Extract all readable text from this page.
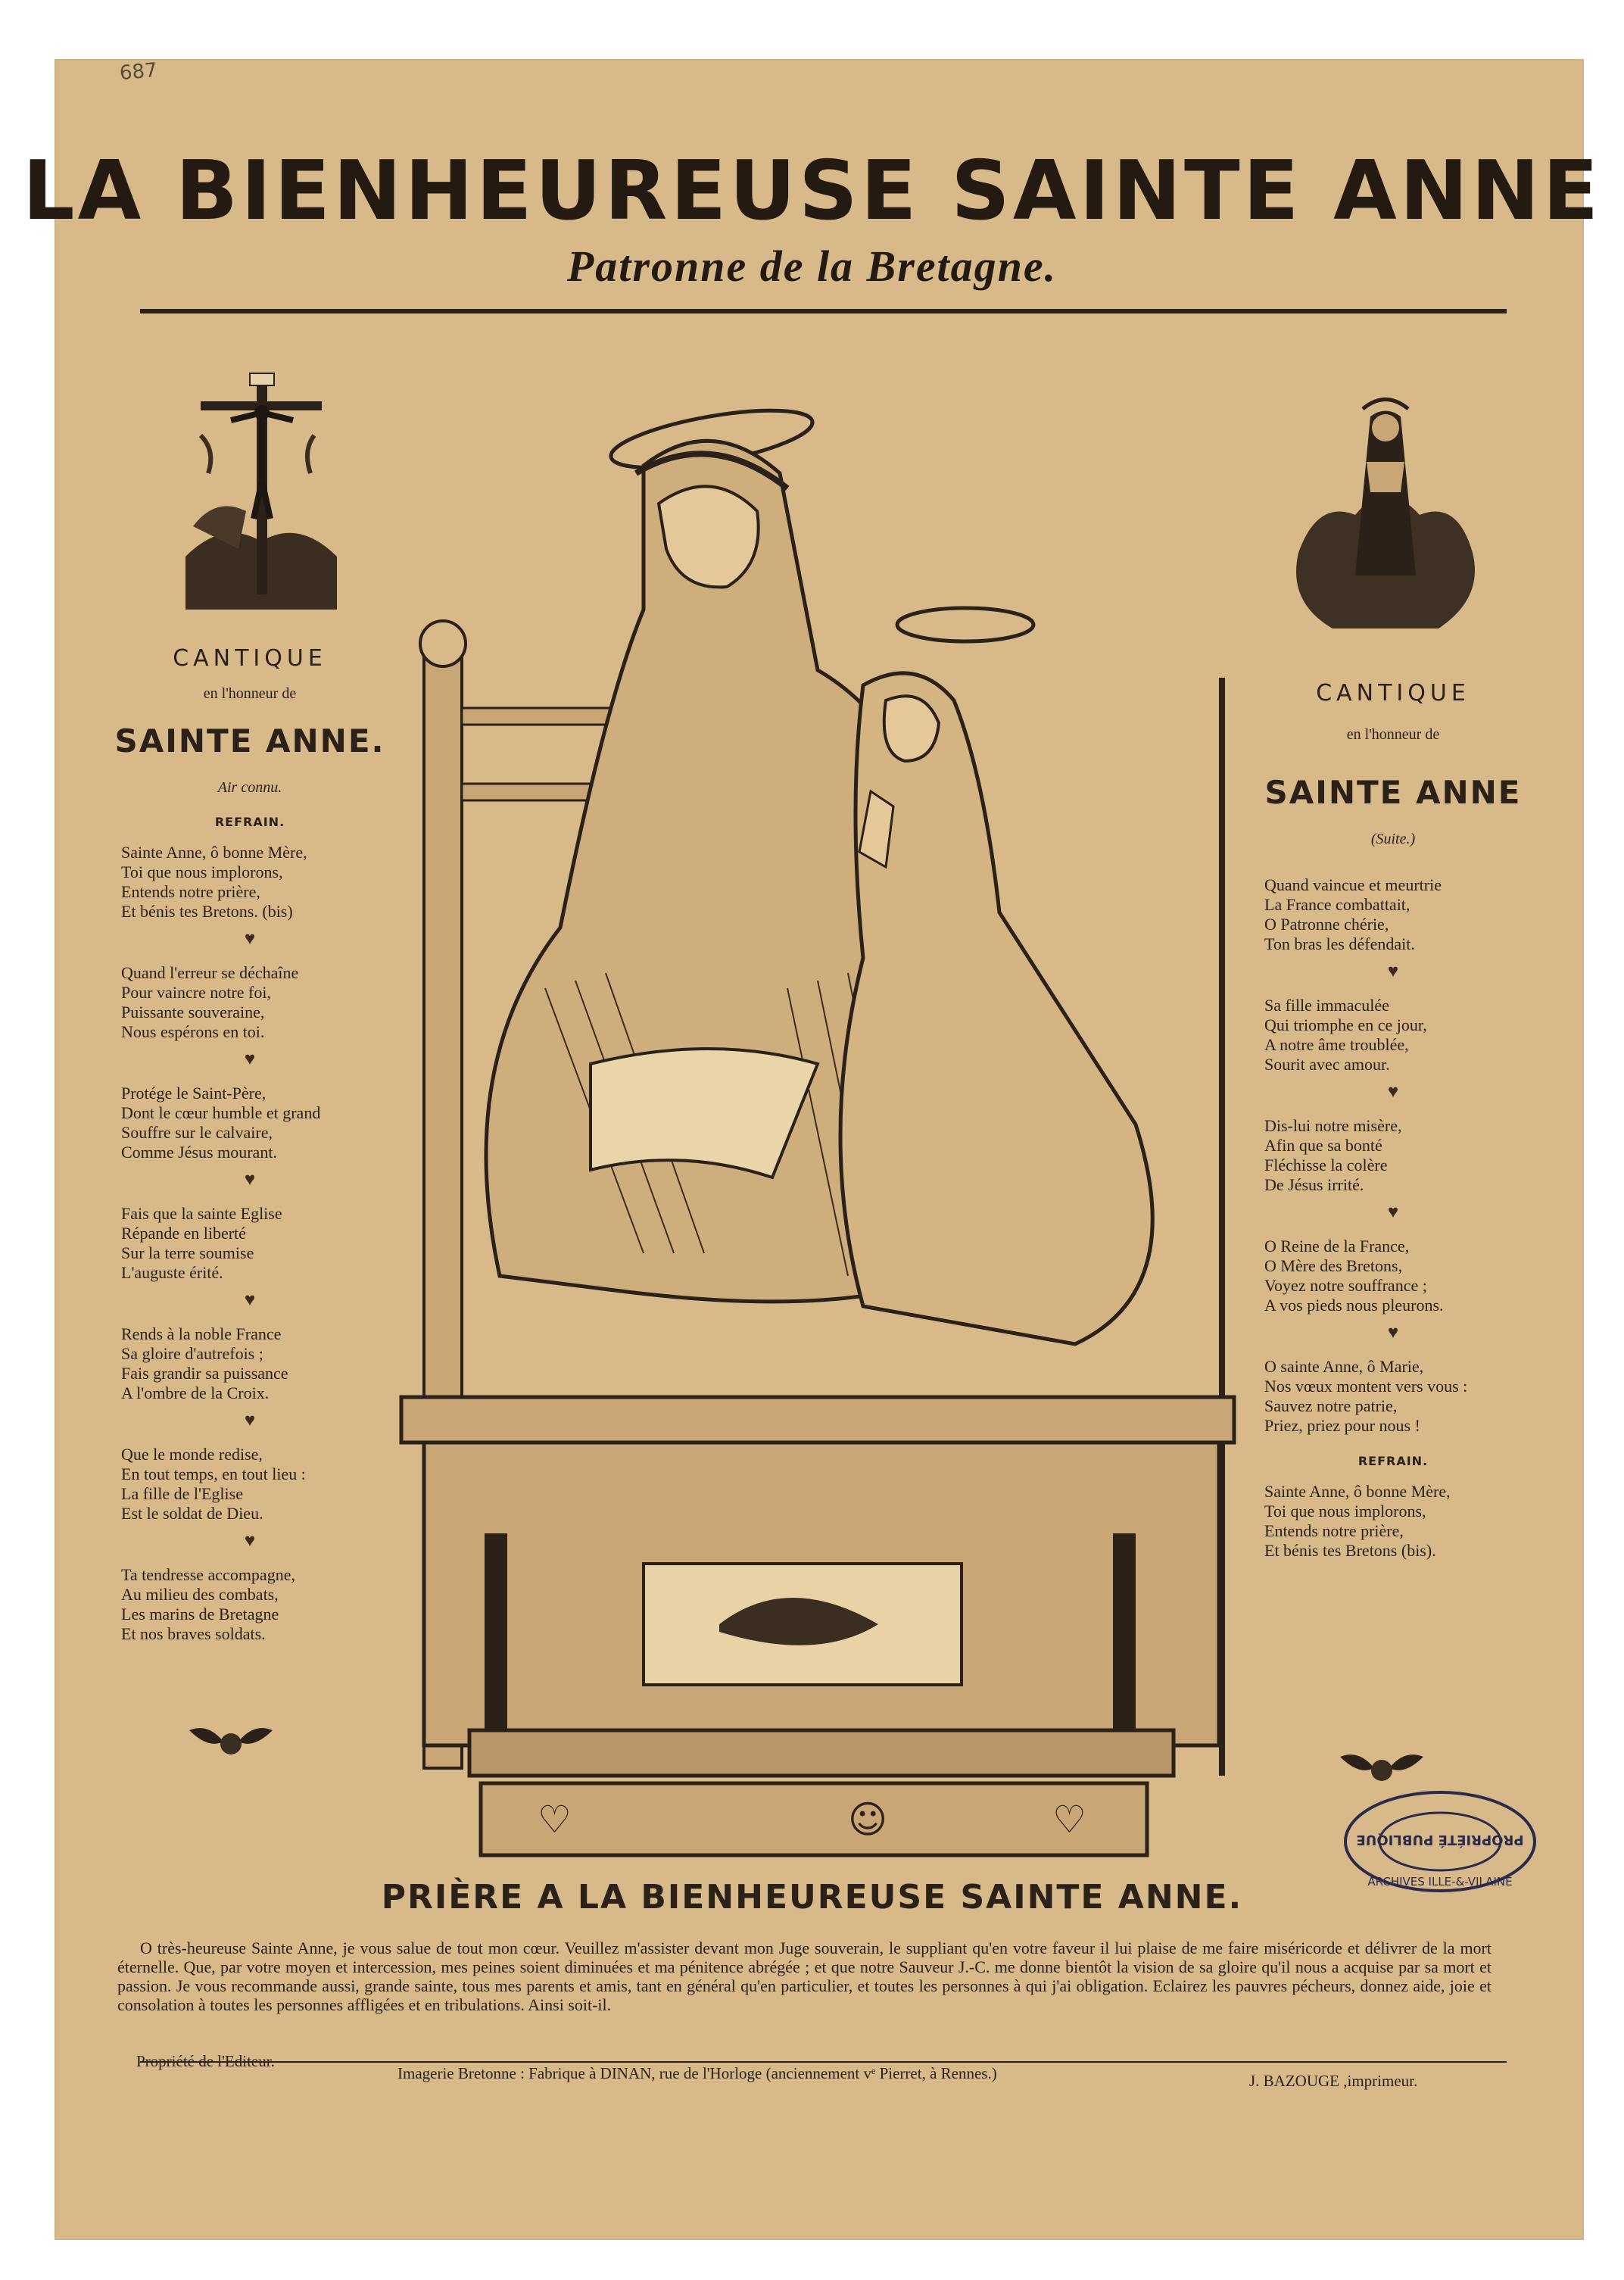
687
LA BIENHEUREUSE SAINTE ANNE
Patronne de la Bretagne.
CANTIQUE
en l'honneur de
SAINTE ANNE.
Air connu.
REFRAIN.
Sainte Anne, ô bonne Mère,
Toi que nous implorons,
Entends notre prière,
Et bénis tes Bretons. (bis)
♥
Quand l'erreur se déchaîne
Pour vaincre notre foi,
Puissante souveraine,
Nous espérons en toi.
♥
Protége le Saint-Père,
Dont le cœur humble et grand
Souffre sur le calvaire,
Comme Jésus mourant.
♥
Fais que la sainte Eglise
Répande en liberté
Sur la terre soumise
L'auguste érité.
♥
Rends à la noble France
Sa gloire d'autrefois ;
Fais grandir sa puissance
A l'ombre de la Croix.
♥
Que le monde redise,
En tout temps, en tout lieu :
La fille de l'Eglise
Est le soldat de Dieu.
♥
Ta tendresse accompagne,
Au milieu des combats,
Les marins de Bretagne
Et nos braves soldats.
CANTIQUE
en l'honneur de
SAINTE ANNE
(Suite.)
Quand vaincue et meurtrie
La France combattait,
O Patronne chérie,
Ton bras les défendait.
♥
Sa fille immaculée
Qui triomphe en ce jour,
A notre âme troublée,
Sourit avec amour.
♥
Dis-lui notre misère,
Afin que sa bonté
Fléchisse la colère
De Jésus irrité.
♥
O Reine de la France,
O Mère des Bretons,
Voyez notre souffrance ;
A vos pieds nous pleurons.
♥
O sainte Anne, ô Marie,
Nos vœux montent vers vous :
Sauvez notre patrie,
Priez, priez pour nous !
REFRAIN.
Sainte Anne, ô bonne Mère,
Toi que nous implorons,
Entends notre prière,
Et bénis tes Bretons (bis).
♡	☺	♡	PROPRIÉTÉ PUBLIQUE
ARCHIVES ILLE-&-VILAINE
PRIÈRE A LA BIENHEUREUSE SAINTE ANNE.
O très-heureuse Sainte Anne, je vous salue de tout mon cœur. Veuillez m'assister devant mon Juge souverain, le suppliant qu'en votre faveur il lui plaise de me faire miséricorde et délivrer de la mort éternelle. Que, par votre moyen et intercession, mes peines soient diminuées et ma pénitence abrégée ; et que notre Sauveur J.-C. me donne bientôt la vision de sa gloire qu'il nous a acquise par sa mort et passion. Je vous recommande aussi, grande sainte, tous mes parents et amis, tant en général qu'en particulier, et toutes les personnes à qui j'ai obligation. Eclairez les pauvres pécheurs, donnez aide, joie et consolation à toutes les personnes affligées et en tribulations. Ainsi soit-il.
Propriété de l'Editeur.
Imagerie Bretonne : Fabrique à DINAN, rue de l'Horloge (anciennement vᵉ Pierret, à Rennes.)	J. BAZOUGE ,imprimeur.
